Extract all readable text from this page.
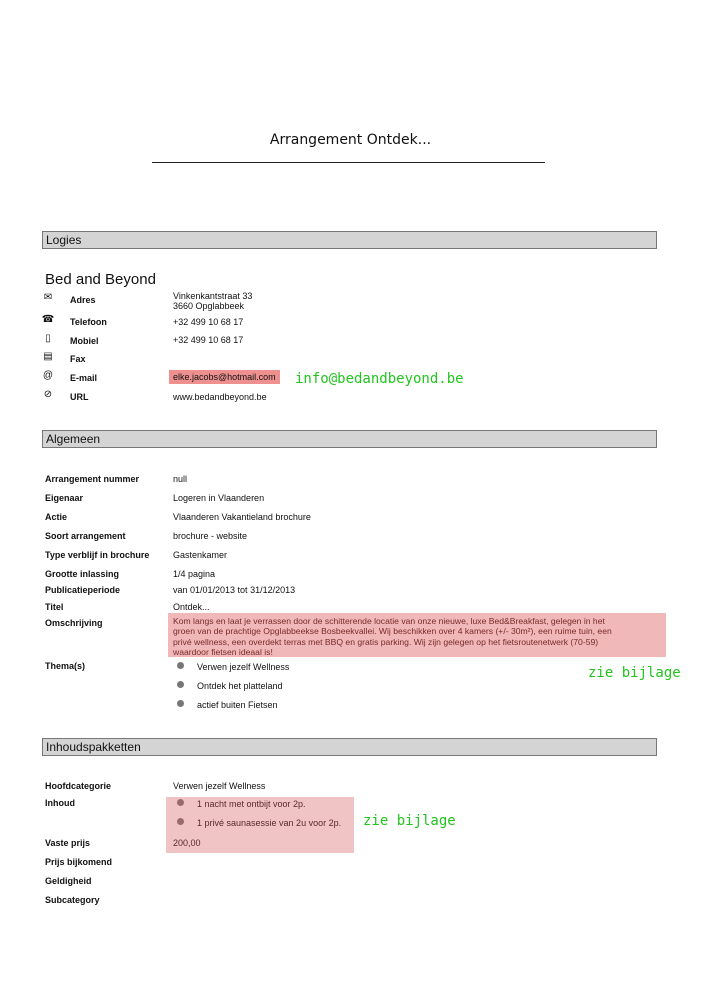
Arrangement Ontdek...
Logies
Bed and Beyond
✉	Adres	Vinkenkantstraat 33
3660 Opglabbeek
☎ Telefoon	+32 499 10 68 17
▯	Mobiel	+32 499 10 68 17
▤ Fax
@ E-mail	elke.jacobs@hotmail.com info@bedandbeyond.be
⊘	URL	www.bedandbeyond.be
Algemeen
Arrangement nummer	null
Eigenaar	Logeren in Vlaanderen
Actie	Vlaanderen Vakantieland brochure
Soort arrangement	brochure - website
Type verblijf in brochure	Gastenkamer
Grootte inlassing	1/4 pagina
Publicatieperiode	van 01/01/2013 tot 31/12/2013
Titel	Ontdek...
Omschrijving	Kom langs en laat je verrassen door de schitterende locatie van onze nieuwe, luxe Bed&Breakfast, gelegen in het
groen van de prachtige Opglabbeekse Bosbeekvallei. Wij beschikken over 4 kamers (+/- 30m²), een ruime tuin, een
privé wellness, een overdekt terras met BBQ en gratis parking. Wij zijn gelegen op het fietsroutenetwerk (70-59)
waardoor fietsen ideaal is!
Thema(s)	Verwen jezelf Wellness
Ontdek het platteland
actief buiten Fietsen
zie bijlage
Inhoudspakketten
Hoofdcategorie	Verwen jezelf Wellness
Inhoud	1 nacht met ontbijt voor 2p.
1 privé saunasessie van 2u voor 2p. zie bijlage
Vaste prijs	200,00
Prijs bijkomend
Geldigheid
Subcategory
